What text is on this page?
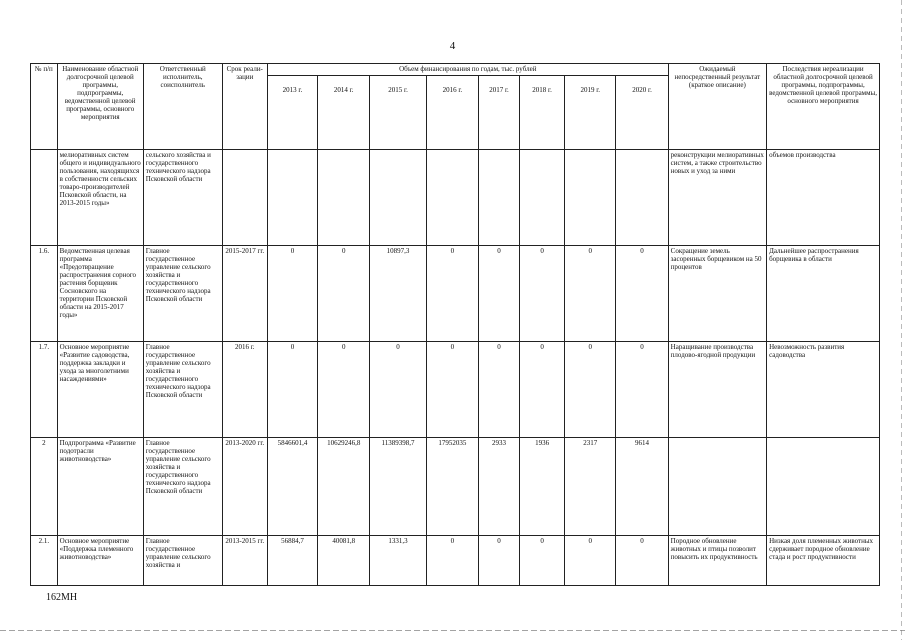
4
№ п/п	Наименование областной долгосрочной целевой программы, подпрограммы, ведомственной целевой программы, основного мероприятия	Ответственный исполнитель, соисполнитель	Срок реали-зации	Объем финансирования по годам, тыс. рублей								Ожидаемый непосредственный результат (краткое описание)	Последствия нереализации областной долгосрочной целевой программы, подпрограммы, ведомственной целевой программы, основного мероприятия
				2013 г.	2014 г.	2015 г.	2016 г.	2017 г.	2018 г.	2019 г.	2020 г.		
	мелиоративных систем общего и индивидуального пользования, находящихся в собственности сельских товаро-производителей Псковской области, на 2013-2015 годы»	сельского хозяйства и государственного технического надзора Псковской области										реконструкции мелиоративных систем, а также строительство новых и уход за ними	объемов производства
1.6.	Ведомственная целевая программа «Предотвращение распространения сорного растения борщевик Сосновского на территории Псковской области на 2015-2017 годы»	Главное государственное управление сельского хозяйства и государственного технического надзора Псковской области	2015-2017 гг.	0	0	10897,3	0	0	0	0	0	Сокращение земель засоренных борщевиком на 50 процентов	Дальнейшее распространения борщевика в области
1.7.	Основное мероприятие «Развитие садоводства, поддержка закладки и ухода за многолетними насаждениями»	Главное государственное управление сельского хозяйства и государственного технического надзора Псковской области	2016 г.	0	0	0	0	0	0	0	0	Наращивание производства плодово-ягодной продукции	Невозможность развития садоводства
2	Подпрограмма «Развитие подотрасли животноводства»	Главное государственное управление сельского хозяйства и государственного технического надзора Псковской области	2013-2020 гг.	5846601,4	10629246,8	11389398,7	17952035	2933	1936	2317	9614		
2.1.	Основное мероприятие «Поддержка племенного животноводства»	Главное государственное управление сельского хозяйства и	2013-2015 гг.	56884,7	40081,8	1331,3	0	0	0	0	0	Породное обновление животных и птицы позволит повысить их продуктивность	Низкая доля племенных животных сдерживает породное обновление стада и рост продуктивности
162МН
